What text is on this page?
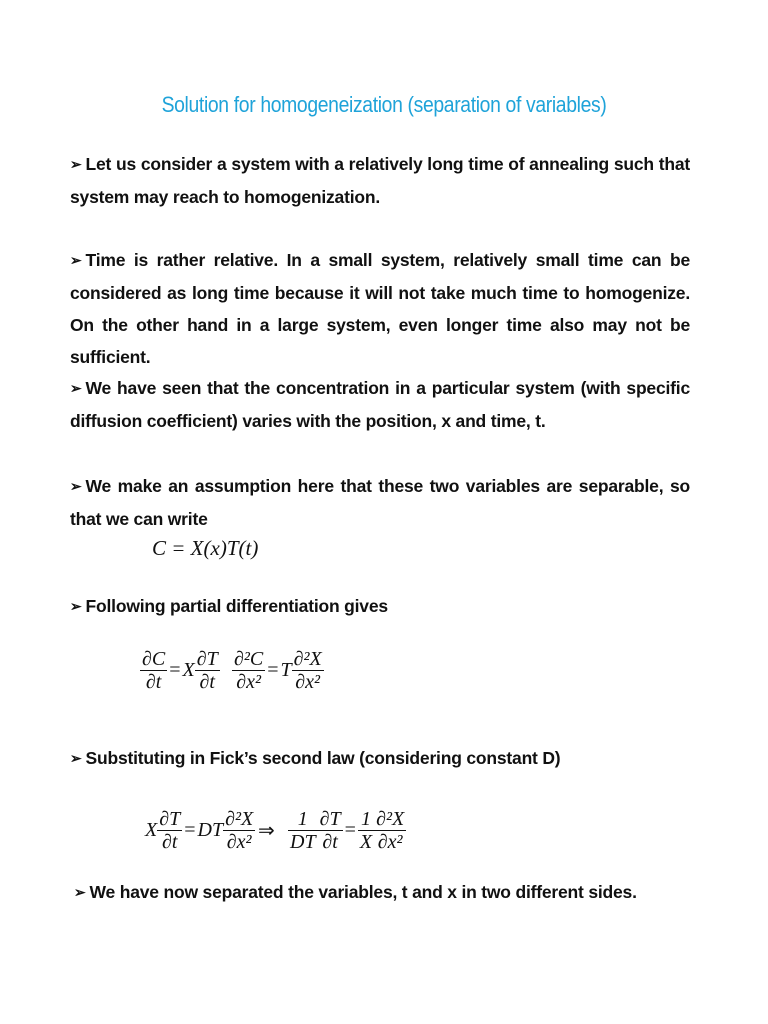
Solution for homogeneization (separation of variables)
➢ Let us consider a system with a relatively long time of annealing such that system may reach to homogenization.
➢ Time is rather relative. In a small system, relatively small time can be considered as long time because it will not take much time to homogenize. On the other hand in a large system, even longer time also may not be sufficient.
➢ We have seen that the concentration in a particular system (with specific diffusion coefficient) varies with the position, x and time, t.
➢ We make an assumption here that these two variables are separable, so that we can write
C = X(x)T(t)
➢ Following partial differentiation gives
$\frac{\partial C}{\partial t} = X \frac{\partial T}{\partial t} \frac{\text{∂²C}}{\text{∂x²}} = T \frac{\text{∂²X}}{\text{∂x²}}$
➢ Substituting in Fick’s second law (considering constant D)
X $\frac{\partial T}{\partial t}$ = DT $\frac{\text{∂²X}}{\text{∂x²}}$ ⇒ $\frac{1}{DT} \frac{\partial T}{\partial t} = \frac{1}{X} \frac{\text{∂²X}}{\text{∂x²}}$
➢ We have now separated the variables, t and x in two different sides.
